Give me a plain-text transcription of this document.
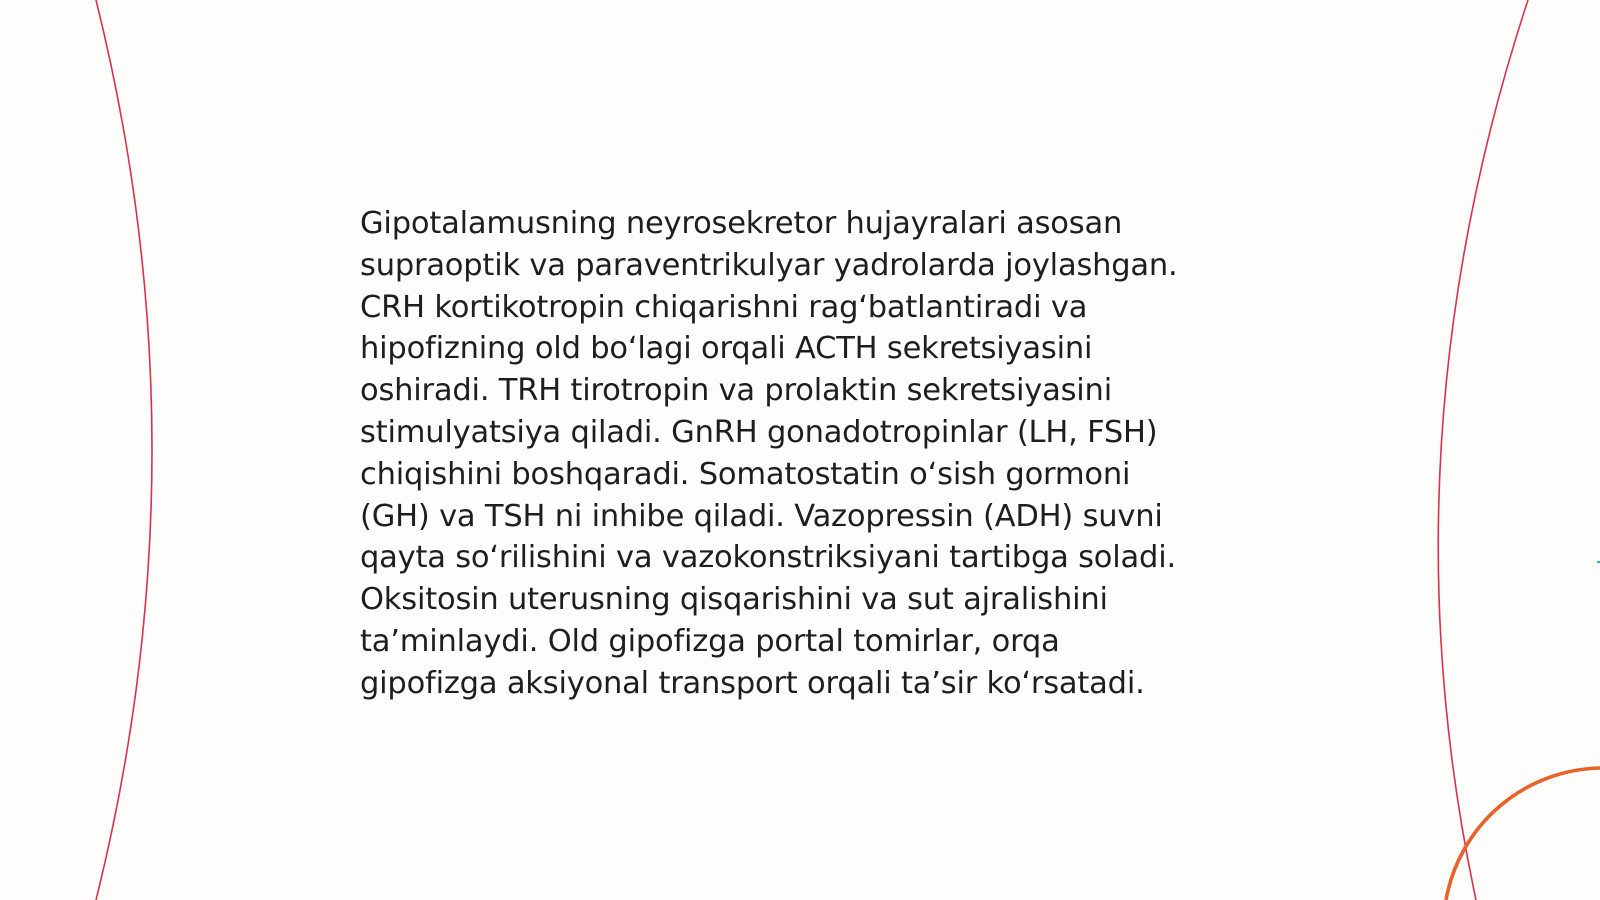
Gipotalamusning neyrosekretor hujayralari asosan
supraoptik va paraventrikulyar yadrolarda joylashgan.
CRH kortikotropin chiqarishni rag‘batlantiradi va
hipofizning old bo‘lagi orqali ACTH sekretsiyasini
oshiradi. TRH tirotropin va prolaktin sekretsiyasini
stimulyatsiya qiladi. GnRH gonadotropinlar (LH, FSH)
chiqishini boshqaradi. Somatostatin o‘sish gormoni
(GH) va TSH ni inhibe qiladi. Vazopressin (ADH) suvni
qayta so‘rilishini va vazokonstriksiyani tartibga soladi.
Oksitosin uterusning qisqarishini va sut ajralishini
ta’minlaydi. Old gipofizga portal tomirlar, orqa
gipofizga aksiyonal transport orqali ta’sir ko‘rsatadi.
